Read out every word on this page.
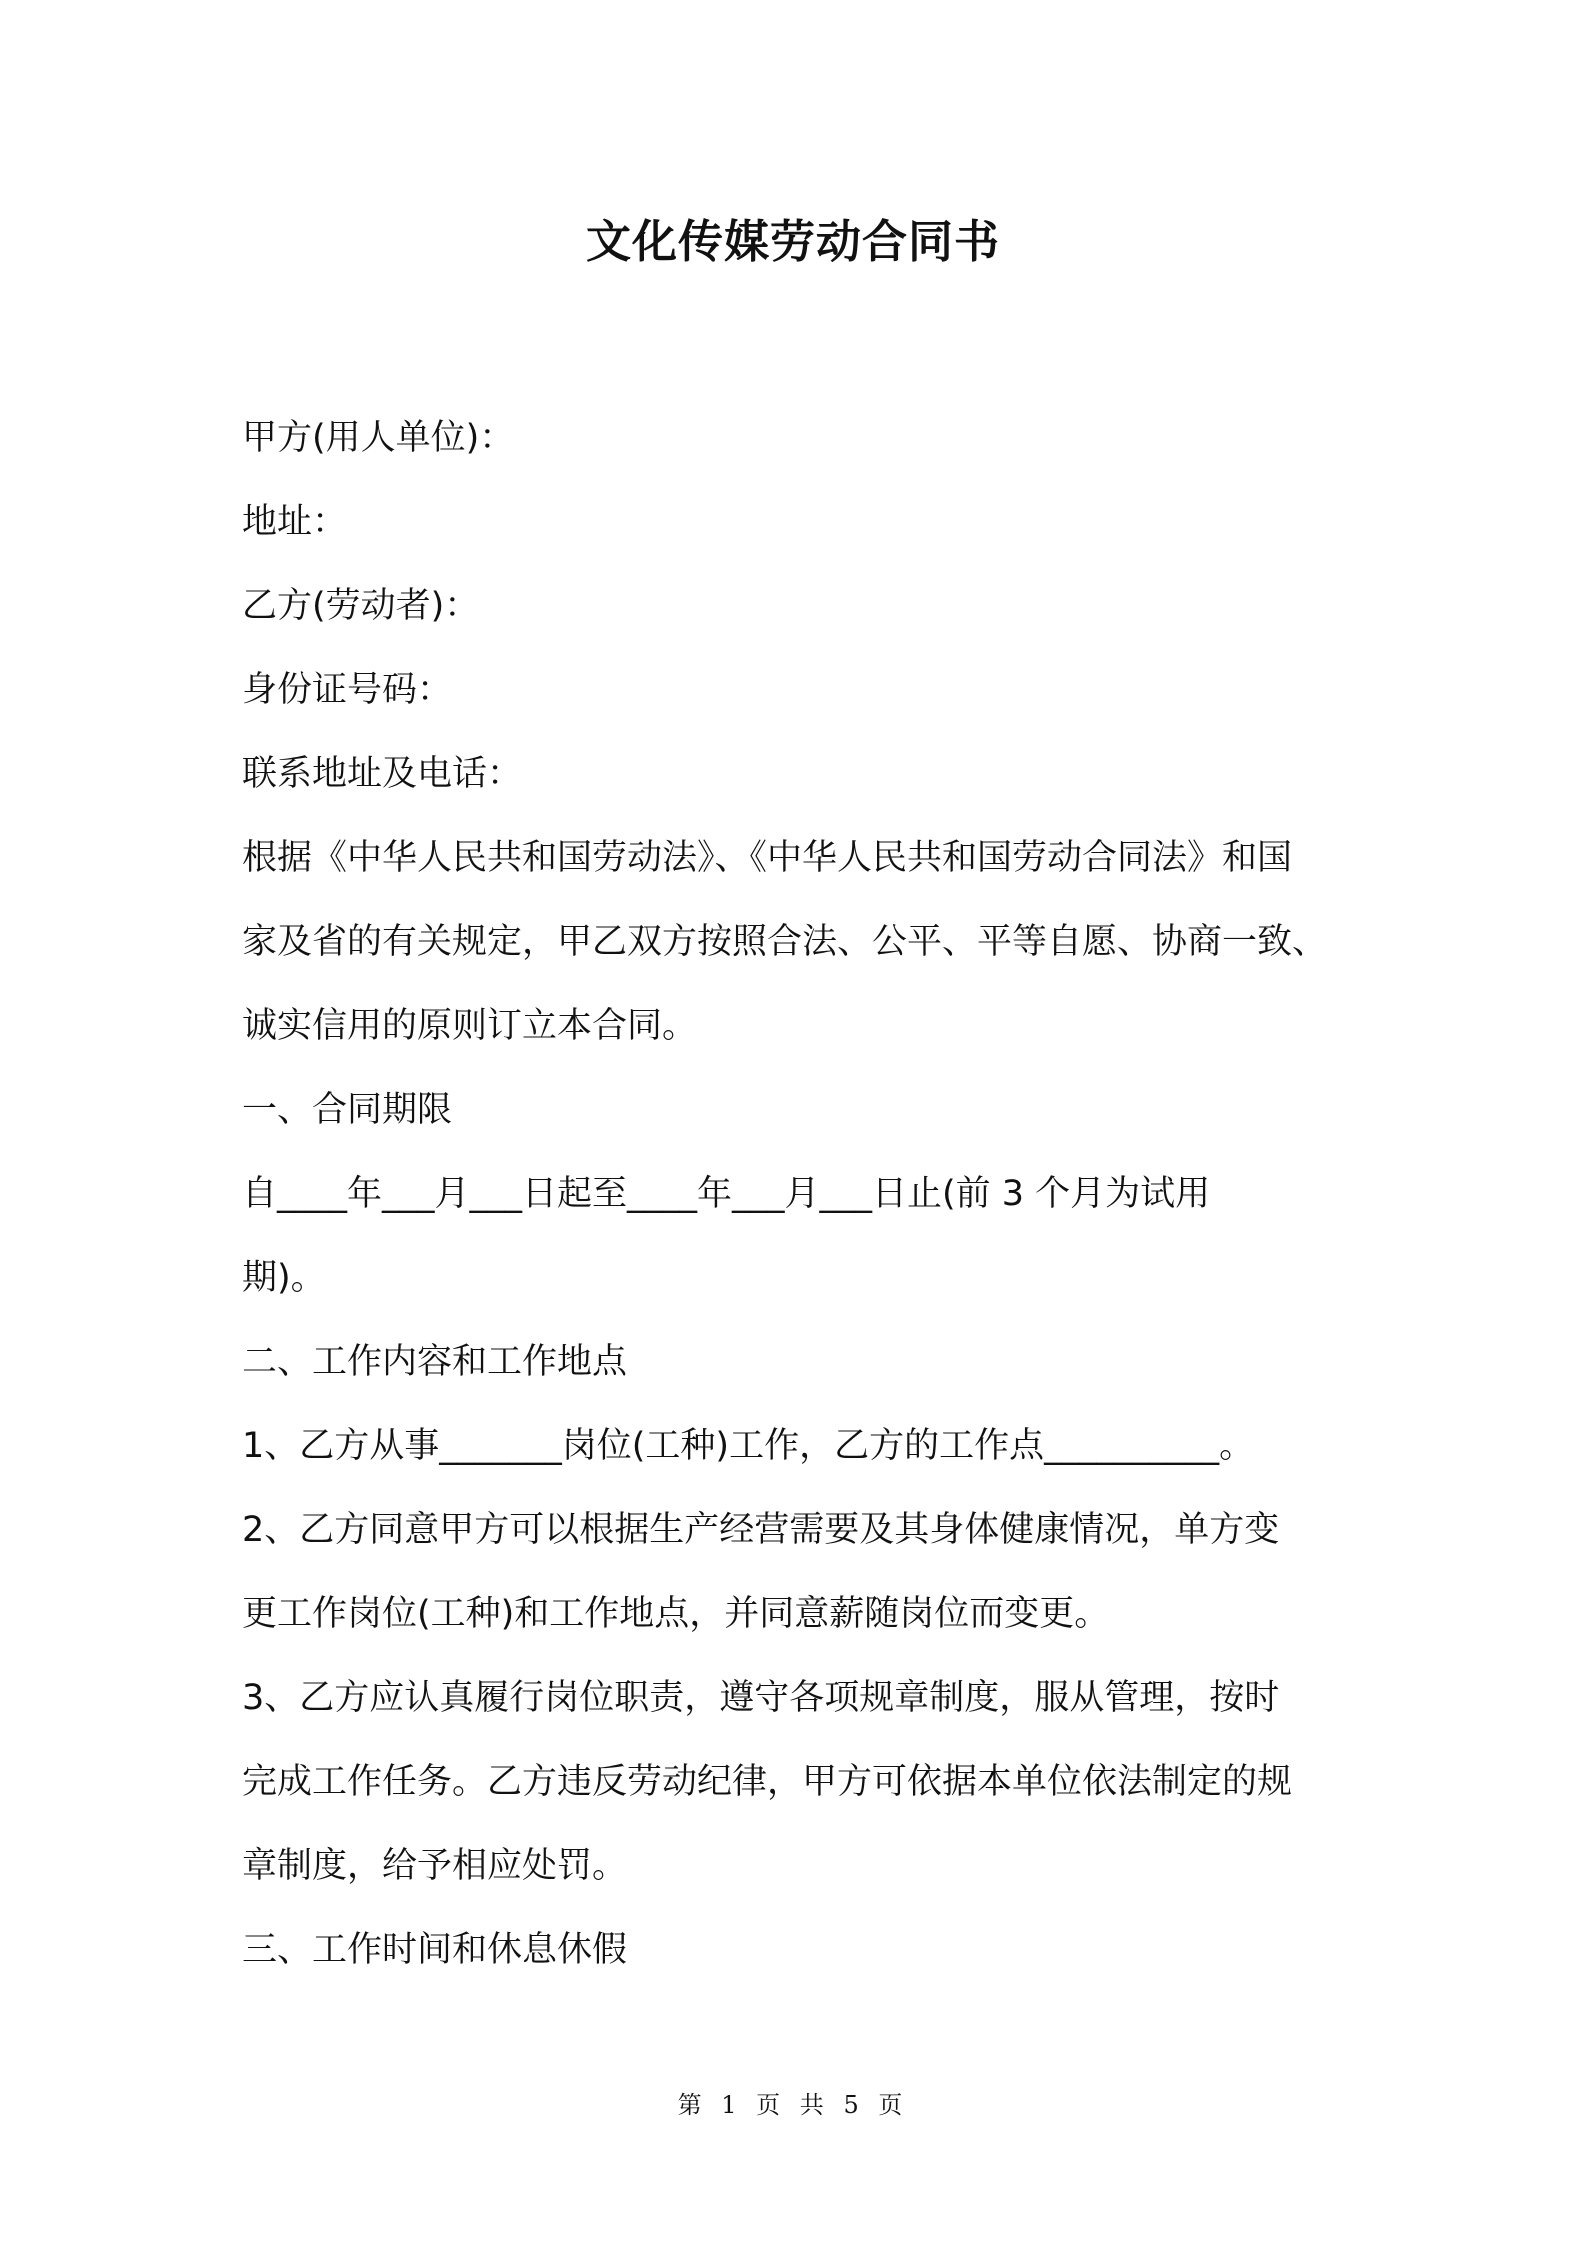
文化传媒劳动合同书
甲方(用人单位)：
地址：
乙方(劳动者)：
身份证号码：
联系地址及电话：
根据《中华人民共和国劳动法》、《中华人民共和国劳动合同法》和国
家及省的有关规定，甲乙双方按照合法、公平、平等自愿、协商一致、
诚实信用的原则订立本合同。
一、合同期限
自____年___月___日起至____年___月___日止(前 3 个月为试用
期)。
二、工作内容和工作地点
1、乙方从事_______岗位(工种)工作，乙方的工作点__________。
2、乙方同意甲方可以根据生产经营需要及其身体健康情况，单方变
更工作岗位(工种)和工作地点，并同意薪随岗位而变更。
3、乙方应认真履行岗位职责，遵守各项规章制度，服从管理，按时
完成工作任务。乙方违反劳动纪律，甲方可依据本单位依法制定的规
章制度，给予相应处罚。
三、工作时间和休息休假
第 1 页 共 5 页
